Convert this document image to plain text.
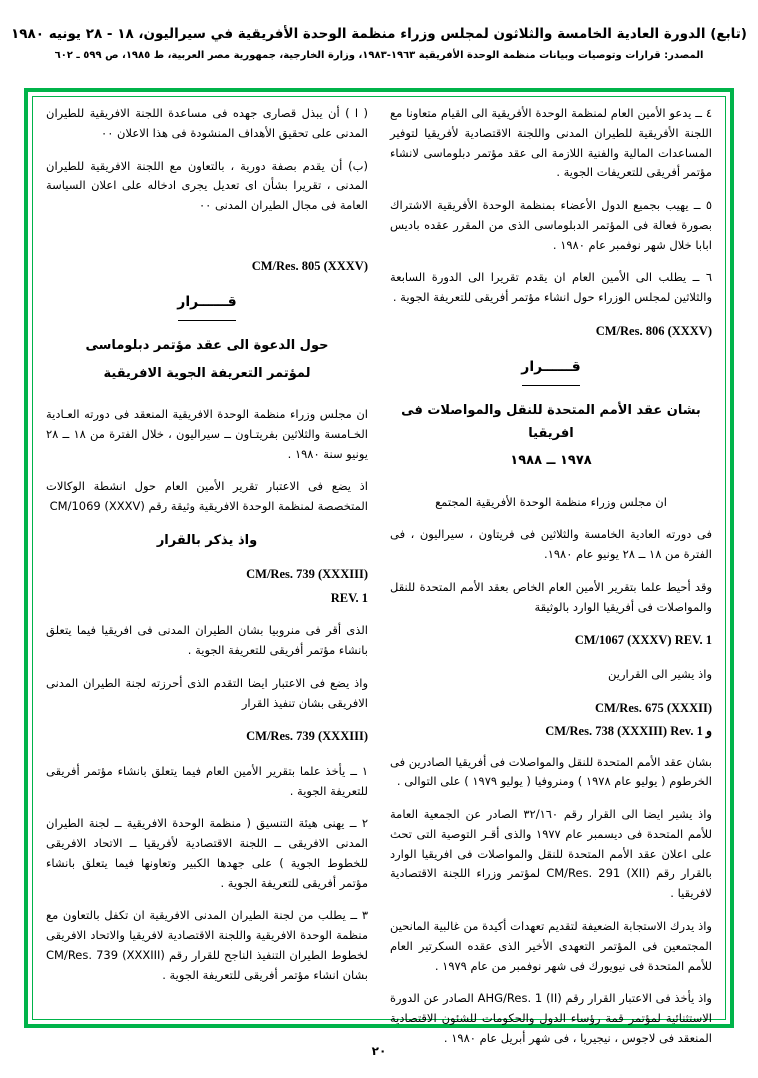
(تابع) الدورة العادية الخامسة والثلاثون لمجلس وزراء منظمة الوحدة الأفريقية في سيراليون، ١٨ - ٢٨ يونيه ١٩٨٠
المصدر: قرارات وتوصيات وبيانات منظمة الوحدة الأفريقية ١٩٦٣-١٩٨٣، وزارة الخارجية، جمهورية مصر العربية، ط ١٩٨٥، ص ٥٩٩ ـ ٦٠٢

٤ ــ يدعو الأمين العام لمنظمة الوحدة الأفريقية الى القيام متعاونا مع اللجنة الأفريقية للطيران المدنى واللجنة الاقتصادية لأفريقيا لتوفير المساعدات المالية والفنية اللازمة الى عقد مؤتمر دبلوماسى لانشاء مؤتمر أفريقى للتعريفات الجوية .

٥ ــ يهيب بجميع الدول الأعضاء بمنظمة الوحدة الأفريقية الاشتراك بصورة فعالة فى المؤتمر الدبلوماسى الذى من المقرر عقده باديس ابابا خلال شهر نوفمبر عام ١٩٨٠ .

٦ ــ يطلب الى الأمين العام ان يقدم تقريرا الى الدورة السابعة والثلاثين لمجلس الوزراء حول انشاء مؤتمر أفريقى للتعريفة الجوية .

CM/Res. 806 (XXXV)

قــــــرار
بشان عقد الأمم المتحدة للنقل والمواصلات فى افريقيا
١٩٧٨ ــ ١٩٨٨

ان مجلس وزراء منظمة الوحدة الأفريقية المجتمع

فى دورته العادية الخامسة والثلاثين فى فريتاون ، سيراليون ، فى الفترة من ١٨ ــ ٢٨ يونيو عام ١٩٨٠.

وقد أحيط علما بتقرير الأمين العام الخاص بعقد الأمم المتحدة للنقل والمواصلات فى أفريقيا الوارد بالوثيقة

CM/1067 (XXXV) REV. 1

واذ يشير الى القرارين

CM/Res. 675 (XXXII)

و CM/Res. 738 (XXXIII) Rev. 1

بشان عقد الأمم المتحدة للنقل والمواصلات فى أفريقيا الصادرين فى الخرطوم ( يوليو عام ١٩٧٨ ) ومنروفيا ( يوليو ١٩٧٩ ) على التوالى .

واذ يشير ايضا الى القرار رقم ٣٢/١٦٠ الصادر عن الجمعية العامة للأمم المتحدة فى ديسمبر عام ١٩٧٧ والذى أقـر التوصية التى تحث على اعلان عقد الأمم المتحدة للنقل والمواصلات فى افريقيا الوارد بالقرار رقم CM/Res. 291 (XII) لمؤتمر وزراء اللجنة الاقتصادية لافريقيا .

واذ يدرك الاستجابة الضعيفة لتقديم تعهدات أكيدة من غالبية المانحين المجتمعين فى المؤتمر التعهدى الأخير الذى عقده السكرتير العام للأمم المتحدة فى نيويورك فى شهر نوفمبر من عام ١٩٧٩ .

واذ يأخذ فى الاعتبار القرار رقم AHG/Res. 1 (II) الصادر عن الدورة الاستثنائية لمؤتمر قمة رؤساء الدول والحكومات للشئون الاقتصادية المنعقد فى لاجوس ، نيجيريا ، فى شهر أبريل عام ١٩٨٠ .

( ا ) أن يبذل قصارى جهده فى مساعدة اللجنة الافريقية للطيران المدنى على تحقيق الأهداف المنشودة فى هذا الاعلان ٠٠

(ب) أن يقدم بصفة دورية ، بالتعاون مع اللجنة الافريقية للطيران المدنى ، تقريرا بشأن اى تعديل يجرى ادخاله على اعلان السياسة العامة فى مجال الطيران المدنى ٠٠

CM/Res. 805 (XXXV)

قــــــرار
حول الدعوة الى عقد مؤتمر دبلوماسى
لمؤتمر التعريفة الجوية الافريقية

ان مجلس وزراء منظمة الوحدة الافريقية المنعقد فى دورته العـادية الخـامسة والثلاثين بفريتـاون ــ سيراليون ، خلال الفترة من ١٨ ــ ٢٨ يونيو سنة ١٩٨٠ .

اذ يضع فى الاعتبار تقرير الأمين العام حول انشطة الوكالات المتخصصة لمنظمة الوحدة الافريقية وثيقة رقم CM/1069 (XXXV)

واذ يذكر بالقرار

CM/Res. 739 (XXXIII)

REV. 1

الذى أقر فى منروبيا بشان الطيران المدنى فى افريقيا فيما يتعلق بانشاء مؤتمر أفريقى للتعريفة الجوية .

واذ يضع فى الاعتبار ايضا التقدم الذى أحرزته لجنة الطيران المدنى الافريقى بشان تنفيذ القرار

CM/Res. 739 (XXXIII)

١ ــ يأخذ علما بتقرير الأمين العام فيما يتعلق بانشاء مؤتمر أفريقى للتعريفة الجوية .

٢ ــ يهنى هيئة التنسيق ( منظمة الوحدة الافريقية ــ لجنة الطيران المدنى الافريقى ــ اللجنة الاقتصادية لأفريقيا ــ الاتحاد الافريقى للخطوط الجوية ) على جهدها الكبير وتعاونها فيما يتعلق بانشاء مؤتمر أفريقى للتعريفة الجوية .

٣ ــ يطلب من لجنة الطيران المدنى الافريقية ان تكفل بالتعاون مع منظمة الوحدة الافريقية واللجنة الاقتصادية لافريقيا والاتحاد الافريقى لخطوط الطيران التنفيذ الناجح للقرار رقم CM/Res. 739 (XXXIII) بشان انشاء مؤتمر أفريقى للتعريفة الجوية .

٢٠
